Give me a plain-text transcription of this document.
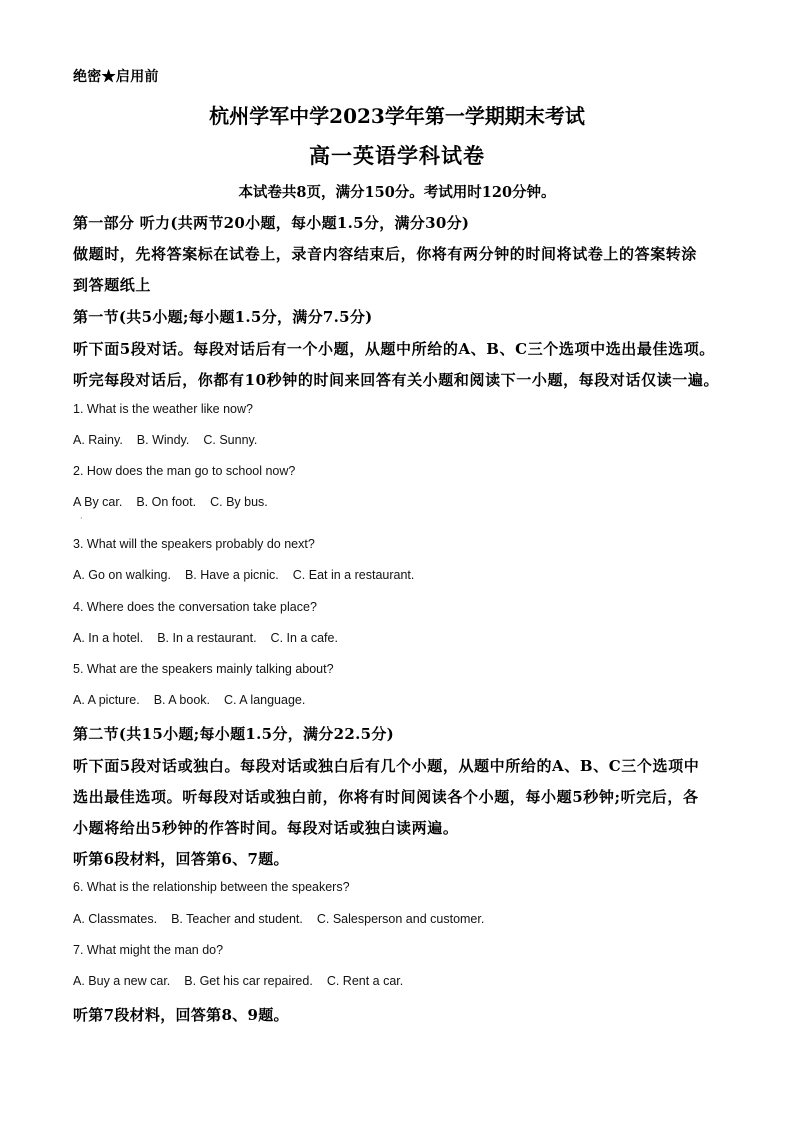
绝密★启用前
杭州学军中学2023学年第一学期期末考试
高一英语学科试卷
本试卷共8页，满分150分。考试用时120分钟。
第一部分 听力(共两节20小题，每小题1.5分，满分30分)
做题时，先将答案标在试卷上，录音内容结束后，你将有两分钟的时间将试卷上的答案转涂
到答题纸上
第一节(共5小题;每小题1.5分，满分7.5分)
听下面5段对话。每段对话后有一个小题，从题中所给的A、B、C三个选项中选出最佳选项。
听完每段对话后，你都有10秒钟的时间来回答有关小题和阅读下一小题，每段对话仅读一遍。
1. What is the weather like now?
A. Rainy. B. Windy. C. Sunny.
2. How does the man go to school now?
A By car. B. On foot. C. By bus.
·
3. What will the speakers probably do next?
A. Go on walking. B. Have a picnic. C. Eat in a restaurant.
4. Where does the conversation take place?
A. In a hotel. B. In a restaurant. C. In a cafe.
5. What are the speakers mainly talking about?
A. A picture. B. A book. C. A language.
第二节(共15小题;每小题1.5分，满分22.5分)
听下面5段对话或独白。每段对话或独白后有几个小题，从题中所给的A、B、C三个选项中
选出最佳选项。听每段对话或独白前，你将有时间阅读各个小题，每小题5秒钟;听完后，各
小题将给出5秒钟的作答时间。每段对话或独白读两遍。
听第6段材料，回答第6、7题。
6. What is the relationship between the speakers?
A. Classmates. B. Teacher and student. C. Salesperson and customer.
7. What might the man do?
A. Buy a new car. B. Get his car repaired. C. Rent a car.
听第7段材料，回答第8、9题。
